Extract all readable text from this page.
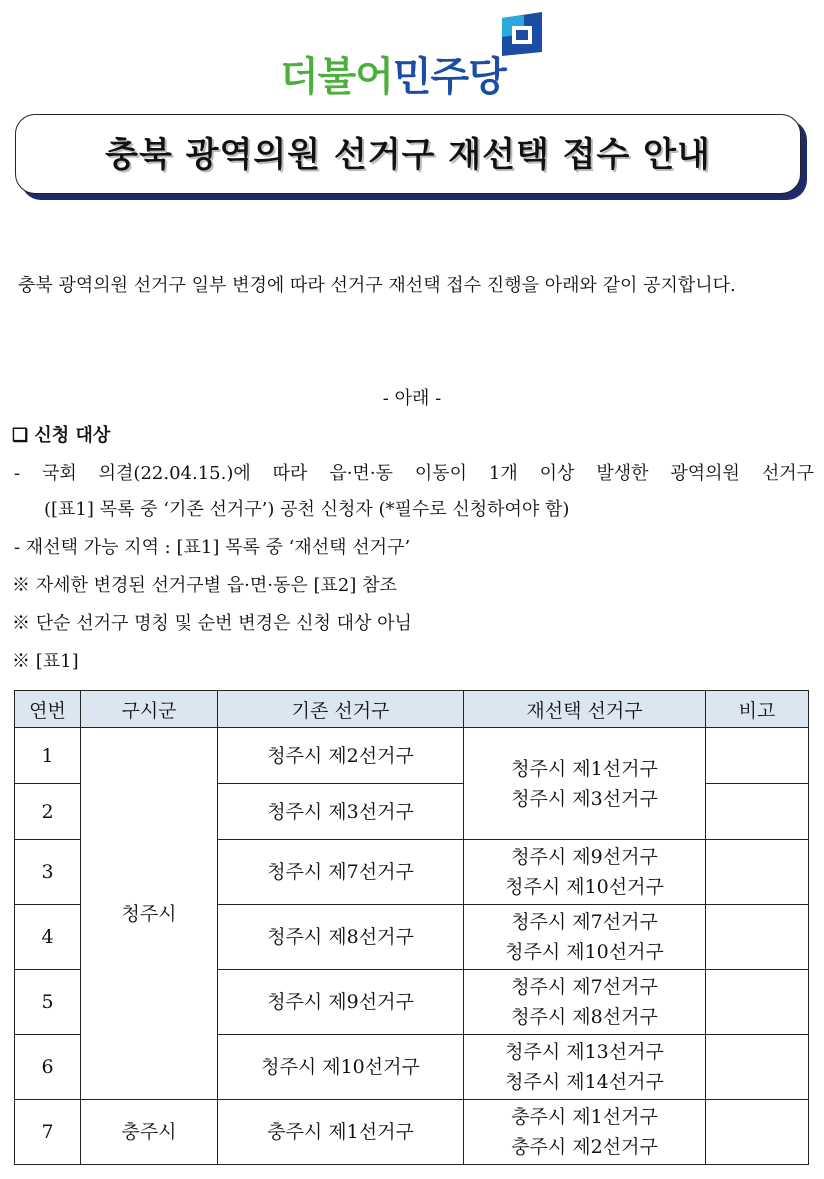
더불어민주당
충북 광역의원 선거구 재선택 접수 안내
충북 광역의원 선거구 일부 변경에 따라 선거구 재선택 접수 진행을 아래와 같이 공지합니다.
- 아래 -
❑ 신청 대상
- 국회 의결(22.04.15.)에 따라 읍·면·동 이동이 1개 이상 발생한 광역의원 선거구
([표1] 목록 중 ‘기존 선거구’) 공천 신청자 (*필수로 신청하여야 함)
- 재선택 가능 지역 : [표1] 목록 중 ‘재선택 선거구’
※ 자세한 변경된 선거구별 읍·면·동은 [표2] 참조
※ 단순 선거구 명칭 및 순번 변경은 신청 대상 아님
※ [표1]
연번	구시군	기존 선거구	재선택 선거구	비고
1	청주시	청주시 제2선거구	청주시 제1선거구
청주시 제3선거구	

2		청주시 제3선거구		
3		청주시 제7선거구	청주시 제9선거구
청주시 제10선거구	

4		청주시 제8선거구	청주시 제7선거구
청주시 제10선거구	

5		청주시 제9선거구	청주시 제7선거구
청주시 제8선거구	

6		청주시 제10선거구	청주시 제13선거구
청주시 제14선거구	

7	충주시	충주시 제1선거구	충주시 제1선거구
충주시 제2선거구	
